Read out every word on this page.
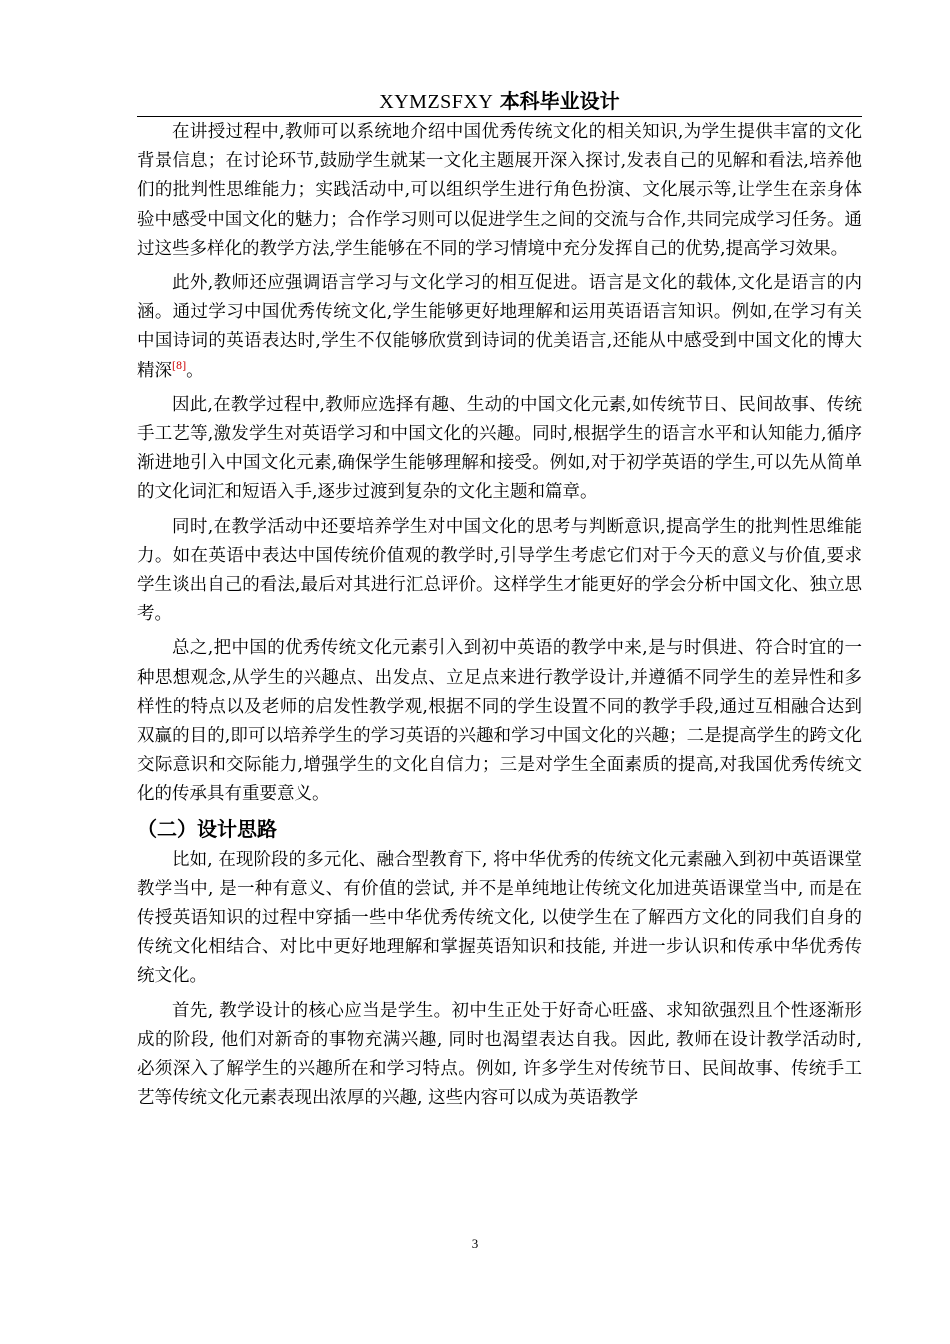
XYMZSFXY 本科毕业设计

在讲授过程中,教师可以系统地介绍中国优秀传统文化的相关知识,为学生提供丰富的文化背景信息；在讨论环节,鼓励学生就某一文化主题展开深入探讨,发表自己的见解和看法,培养他们的批判性思维能力；实践活动中,可以组织学生进行角色扮演、文化展示等,让学生在亲身体验中感受中国文化的魅力；合作学习则可以促进学生之间的交流与合作,共同完成学习任务。通过这些多样化的教学方法,学生能够在不同的学习情境中充分发挥自己的优势,提高学习效果。

此外,教师还应强调语言学习与文化学习的相互促进。语言是文化的载体,文化是语言的内涵。通过学习中国优秀传统文化,学生能够更好地理解和运用英语语言知识。例如,在学习有关中国诗词的英语表达时,学生不仅能够欣赏到诗词的优美语言,还能从中感受到中国文化的博大精深[8]。

因此,在教学过程中,教师应选择有趣、生动的中国文化元素,如传统节日、民间故事、传统手工艺等,激发学生对英语学习和中国文化的兴趣。同时,根据学生的语言水平和认知能力,循序渐进地引入中国文化元素,确保学生能够理解和接受。例如,对于初学英语的学生,可以先从简单的文化词汇和短语入手,逐步过渡到复杂的文化主题和篇章。

同时,在教学活动中还要培养学生对中国文化的思考与判断意识,提高学生的批判性思维能力。如在英语中表达中国传统价值观的教学时,引导学生考虑它们对于今天的意义与价值,要求学生谈出自己的看法,最后对其进行汇总评价。这样学生才能更好的学会分析中国文化、独立思考。

总之,把中国的优秀传统文化元素引入到初中英语的教学中来,是与时俱进、符合时宜的一种思想观念,从学生的兴趣点、出发点、立足点来进行教学设计,并遵循不同学生的差异性和多样性的特点以及老师的启发性教学观,根据不同的学生设置不同的教学手段,通过互相融合达到双赢的目的,即可以培养学生的学习英语的兴趣和学习中国文化的兴趣；二是提高学生的跨文化交际意识和交际能力,增强学生的文化自信力；三是对学生全面素质的提高,对我国优秀传统文化的传承具有重要意义。

（二）设计思路

比如, 在现阶段的多元化、融合型教育下, 将中华优秀的传统文化元素融入到初中英语课堂教学当中, 是一种有意义、有价值的尝试, 并不是单纯地让传统文化加进英语课堂当中, 而是在传授英语知识的过程中穿插一些中华优秀传统文化, 以使学生在了解西方文化的同我们自身的传统文化相结合、对比中更好地理解和掌握英语知识和技能, 并进一步认识和传承中华优秀传统文化。

首先, 教学设计的核心应当是学生。初中生正处于好奇心旺盛、求知欲强烈且个性逐渐形成的阶段, 他们对新奇的事物充满兴趣, 同时也渴望表达自我。因此, 教师在设计教学活动时, 必须深入了解学生的兴趣所在和学习特点。例如, 许多学生对传统节日、民间故事、传统手工艺等传统文化元素表现出浓厚的兴趣, 这些内容可以成为英语教学

3
